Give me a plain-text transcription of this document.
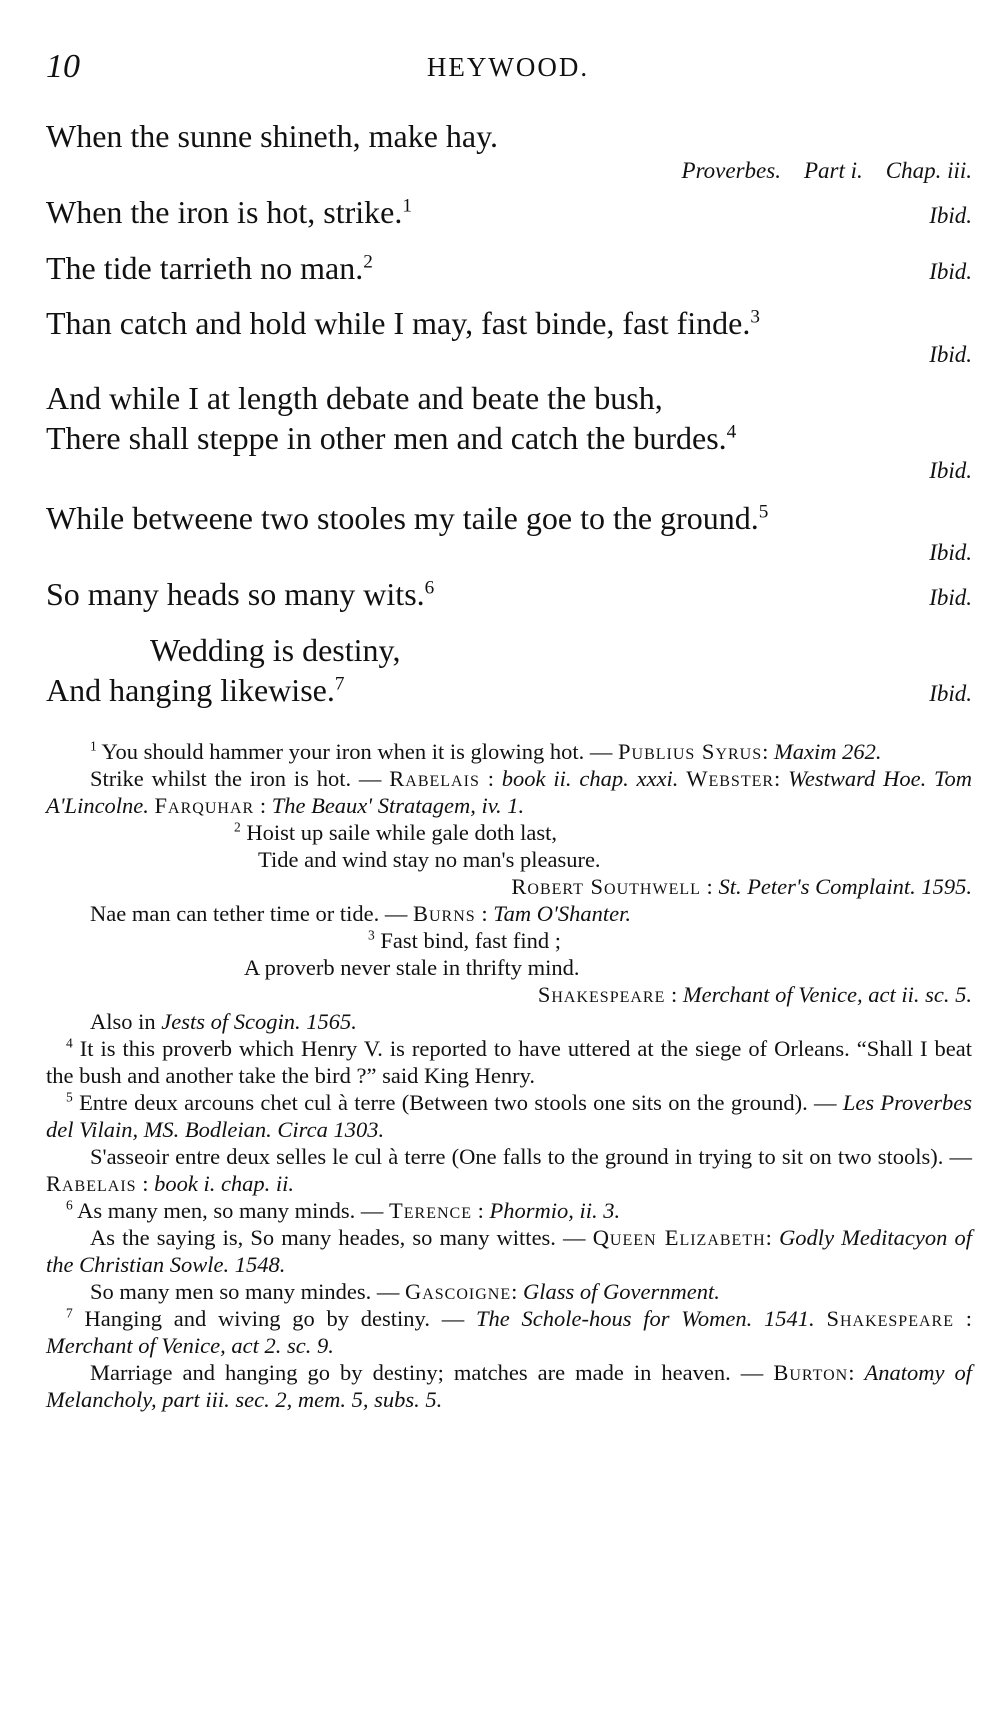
10	HEYWOOD.
When the sunne shineth, make hay.
Proverbes. Part i. Chap. iii.
When the iron is hot, strike.$^1$	Ibid.
The tide tarrieth no man.$^2$	Ibid.
Than catch and hold while I may, fast binde, fast finde.$^3$
Ibid.
And while I at length debate and beate the bush,
There shall steppe in other men and catch the burdes.$^4$
Ibid.
While betweene two stooles my taile goe to the ground.$^5$
Ibid.
So many heads so many wits.$^6$	Ibid.
Wedding is destiny,
And hanging likewise.$^7$	Ibid.

$^1$ You should hammer your iron when it is glowing hot. — Publius Syrus: Maxim 262.

Strike whilst the iron is hot. — Rabelais : book ii. chap. xxxi. Webster: Westward Hoe. Tom A'Lincolne. Farquhar : The Beaux' Stratagem, iv. 1.

$^2$ Hoist up saile while gale doth last,

Tide and wind stay no man's pleasure.

Robert Southwell : St. Peter's Complaint. 1595.

Nae man can tether time or tide. — Burns : Tam O'Shanter.

$^3$ Fast bind, fast find ;

A proverb never stale in thrifty mind.

Shakespeare : Merchant of Venice, act ii. sc. 5.

Also in Jests of Scogin. 1565.

$^4$ It is this proverb which Henry V. is reported to have uttered at the siege of Orleans. “Shall I beat the bush and another take the bird ?” said King Henry.

$^5$ Entre deux arcouns chet cul à terre (Between two stools one sits on the ground). — Les Proverbes del Vilain, MS. Bodleian. Circa 1303.

S'asseoir entre deux selles le cul à terre (One falls to the ground in trying to sit on two stools). — Rabelais : book i. chap. ii.

$^6$ As many men, so many minds. — Terence : Phormio, ii. 3.

As the saying is, So many heades, so many wittes. — Queen Elizabeth: Godly Meditacyon of the Christian Sowle. 1548.

So many men so many mindes. — Gascoigne: Glass of Government.

$^7$ Hanging and wiving go by destiny. — The Schole-hous for Women. 1541. Shakespeare : Merchant of Venice, act 2. sc. 9.

Marriage and hanging go by destiny; matches are made in heaven. — Burton: Anatomy of Melancholy, part iii. sec. 2, mem. 5, subs. 5.
